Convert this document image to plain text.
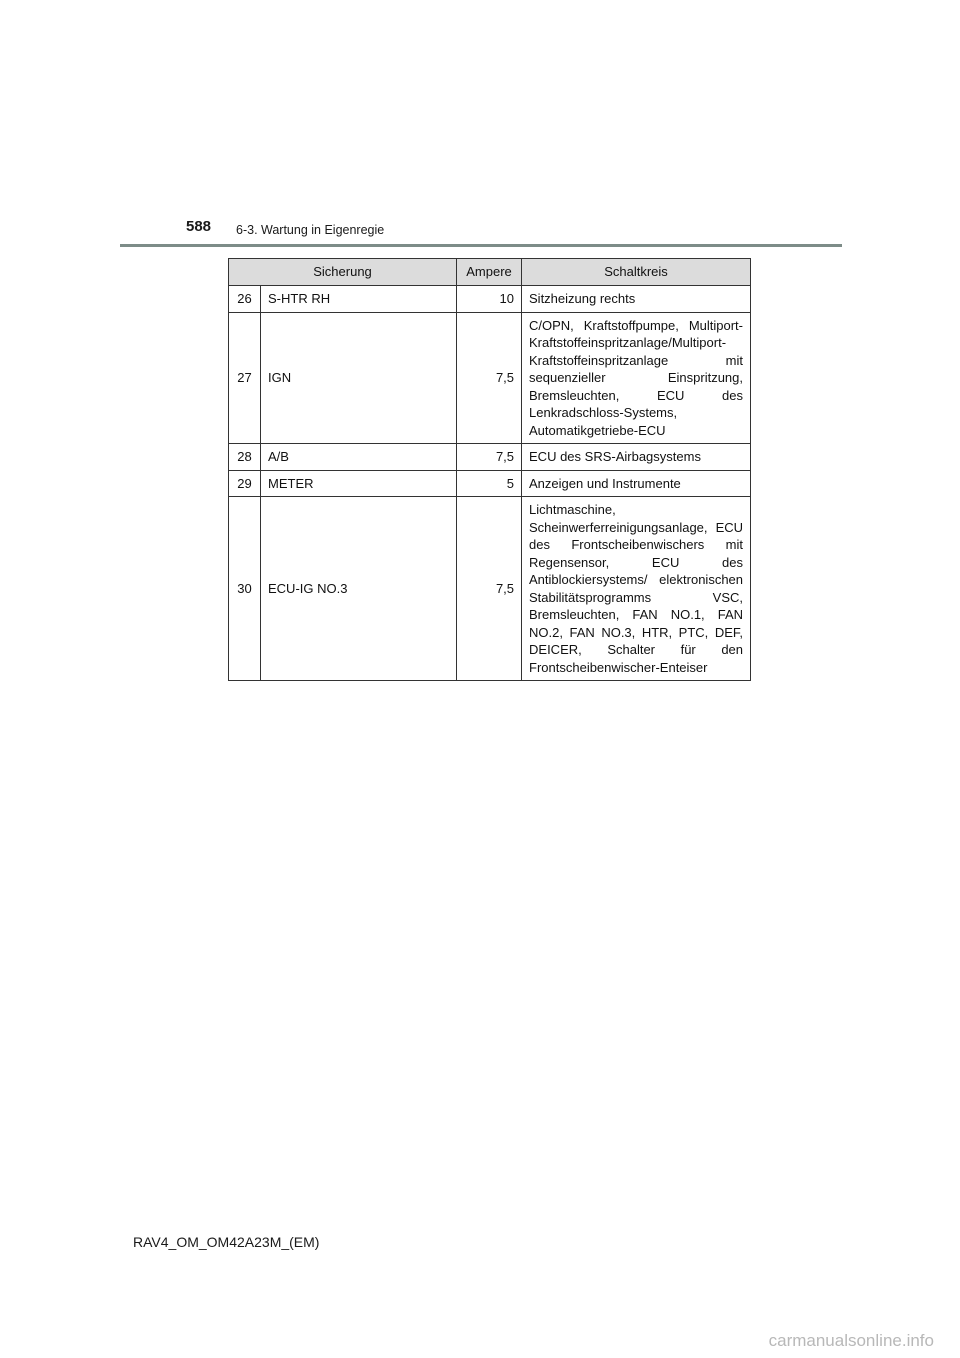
588 6-3. Wartung in Eigenregie
Sicherung		Ampere	Schaltkreis
26	S-HTR RH	10	Sitzheizung rechts
27	IGN	7,5	C/OPN, Kraftstoffpumpe, Multiport-Kraftstoffeinspritzanlage/Multiport-Kraftstoffeinspritzanlage mit sequenzieller Einspritzung, Bremsleuchten, ECU des Lenkradschloss-Systems, Automatikgetriebe-ECU
28	A/B	7,5	ECU des SRS-Airbagsystems
29	METER	5	Anzeigen und Instrumente
30	ECU-IG NO.3	7,5	Lichtmaschine, Scheinwerferreinigungsanlage, ECU des Frontscheibenwischers mit Regensensor, ECU des Antiblockiersystems/ elektronischen Stabilitätsprogramms VSC, Bremsleuchten, FAN NO.1, FAN NO.2, FAN NO.3, HTR, PTC, DEF, DEICER, Schalter für den Frontscheibenwischer-Enteiser
RAV4_OM_OM42A23M_(EM)
carmanualsonline.info
